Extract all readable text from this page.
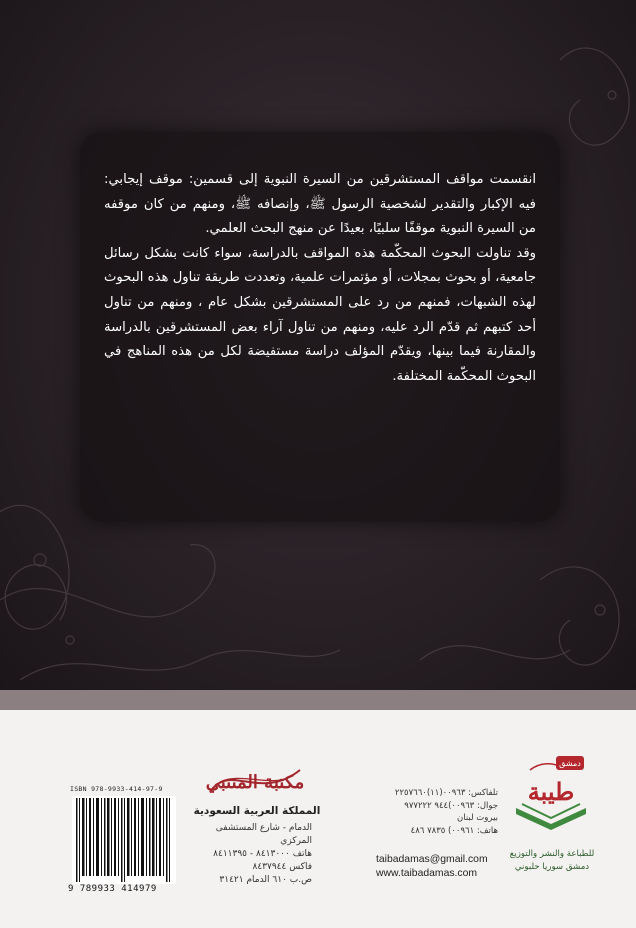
انقسمت مواقف المستشرقين من السيرة النبوية إلى قسمين: موقف إيجابي: فيه الإكبار والتقدير لشخصية الرسول ﷺ، وإنصافه ﷺ، ومنهم من كان موقفه من السيرة النبوية موقفًا سلبيًا، بعيدًا عن منهج البحث العلمي.

وقد تناولت البحوث المحكّمة هذه المواقف بالدراسة، سواء كانت بشكل رسائل جامعية، أو بحوث بمجلات، أو مؤتمرات علمية، وتعددت طريقة تناول هذه البحوث لهذه الشبهات، فمنهم من رد على المستشرقين بشكل عام ، ومنهم من تناول أحد كتبهم ثم قدّم الرد عليه، ومنهم من تناول آراء بعض المستشرقين بالدراسة والمقارنة فيما بينها، ويقدّم المؤلف دراسة مستفيضة لكل من هذه المناهج في البحوث المحكّمة المختلفة.

ISBN 978-9933-414-97-9
9 789933 414979
مكتبة المتنبي
المملكة العربية السعودية
الدمام - شارع المستشفى المركزي
هاتف ٨٤١٣٠٠٠ - ٨٤١١٣٩٥
فاكس ٨٤٣٧٩٤٤
ص.ب ٦١٠ الدمام ٣١٤٢١
تلفاكس: ٠٠٩٦٣(١١)٢٢٥٧٦٦٠
جوال: ٠٠٩٦٣)٩٤٤ ٩٧٧٢٢٢
بيروت لبنان
هاتف: ٠٠٩٦١) ٧٨٣٥ ٤٨٦
taibadamas@gmail.com
www.taibadamas.com
دمشق
طيبة
للطباعة والنشر والتوزيع
دمشق سوريا حلبوني
